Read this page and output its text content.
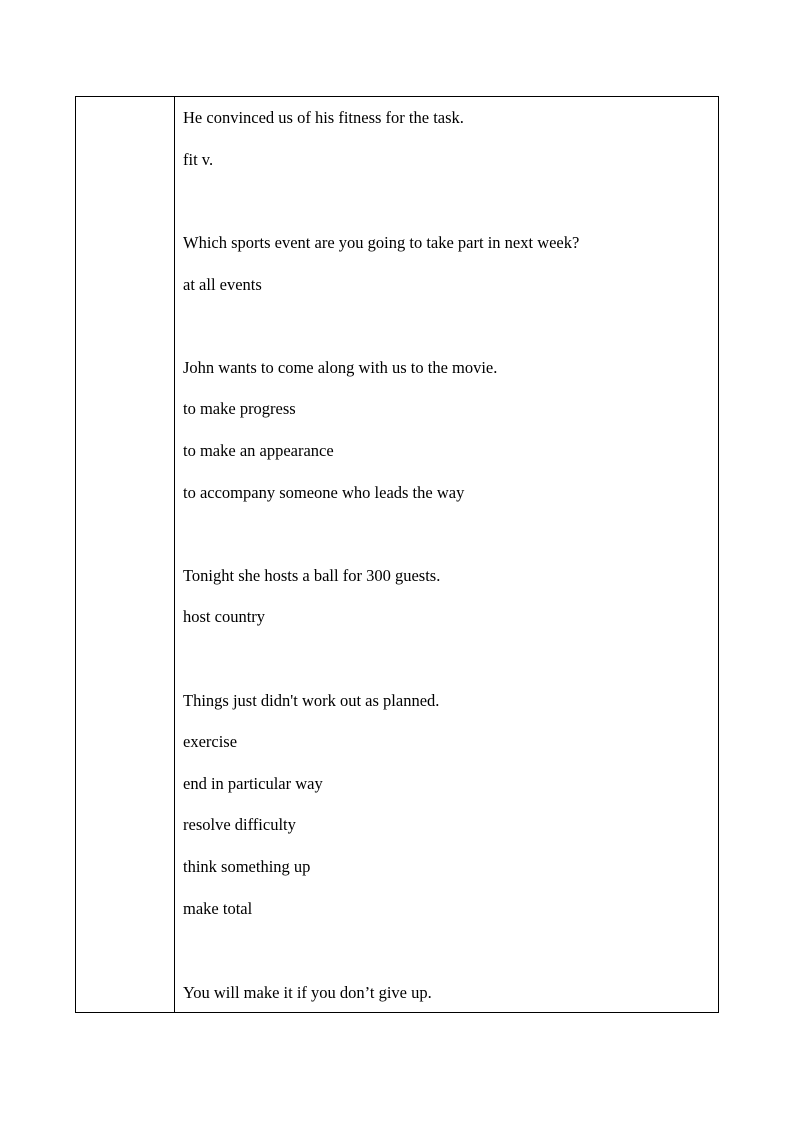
He convinced us of his fitness for the task.
fit v.
Which sports event are you going to take part in next week?
at all events
John wants to come along with us to the movie.
to make progress
to make an appearance
to accompany someone who leads the way
Tonight she hosts a ball for 300 guests.
host country
Things just didn't work out as planned.
exercise
end in particular way
resolve difficulty
think something up
make total
You will make it if you don’t give up.
